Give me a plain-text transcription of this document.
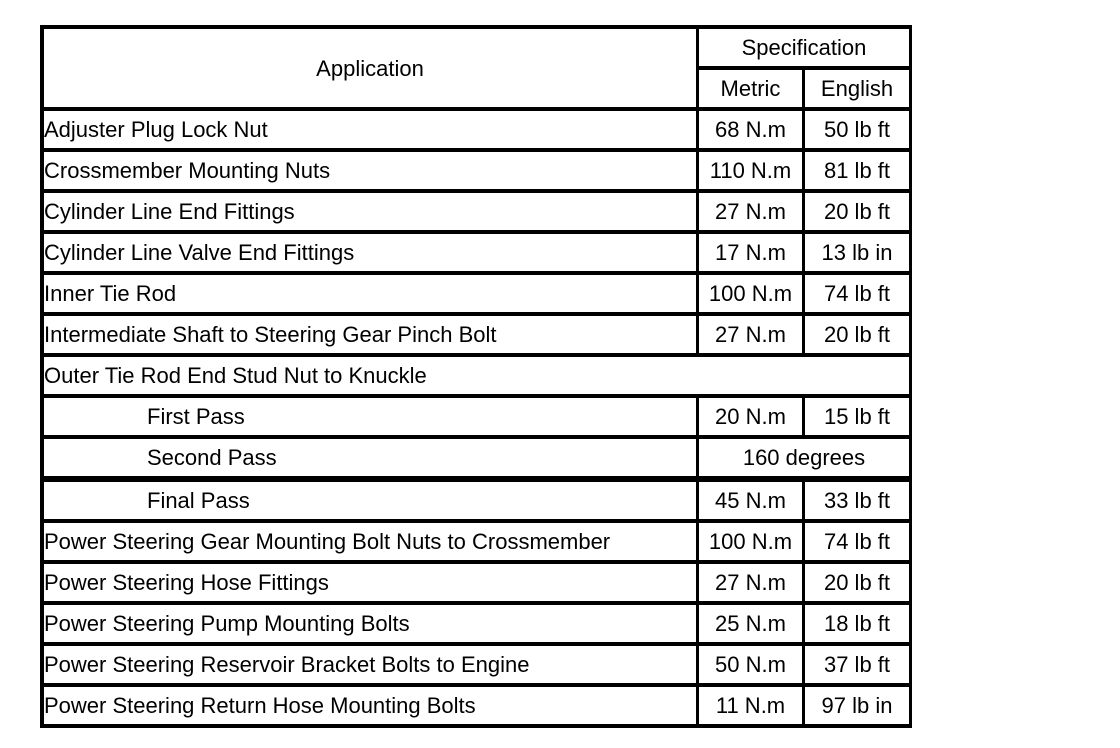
Application	Specification	
	Metric	English
Adjuster Plug Lock Nut	68 N.m	50 lb ft
Crossmember Mounting Nuts	110 N.m	81 lb ft
Cylinder Line End Fittings	27 N.m	20 lb ft
Cylinder Line Valve End Fittings	17 N.m	13 lb in
Inner Tie Rod	100 N.m	74 lb ft
Intermediate Shaft to Steering Gear Pinch Bolt	27 N.m	20 lb ft
Outer Tie Rod End Stud Nut to Knuckle		
First Pass	20 N.m	15 lb ft
Second Pass	160 degrees	
Final Pass	45 N.m	33 lb ft
Power Steering Gear Mounting Bolt Nuts to Crossmember	100 N.m	74 lb ft
Power Steering Hose Fittings	27 N.m	20 lb ft
Power Steering Pump Mounting Bolts	25 N.m	18 lb ft
Power Steering Reservoir Bracket Bolts to Engine	50 N.m	37 lb ft
Power Steering Return Hose Mounting Bolts	11 N.m	97 lb in
